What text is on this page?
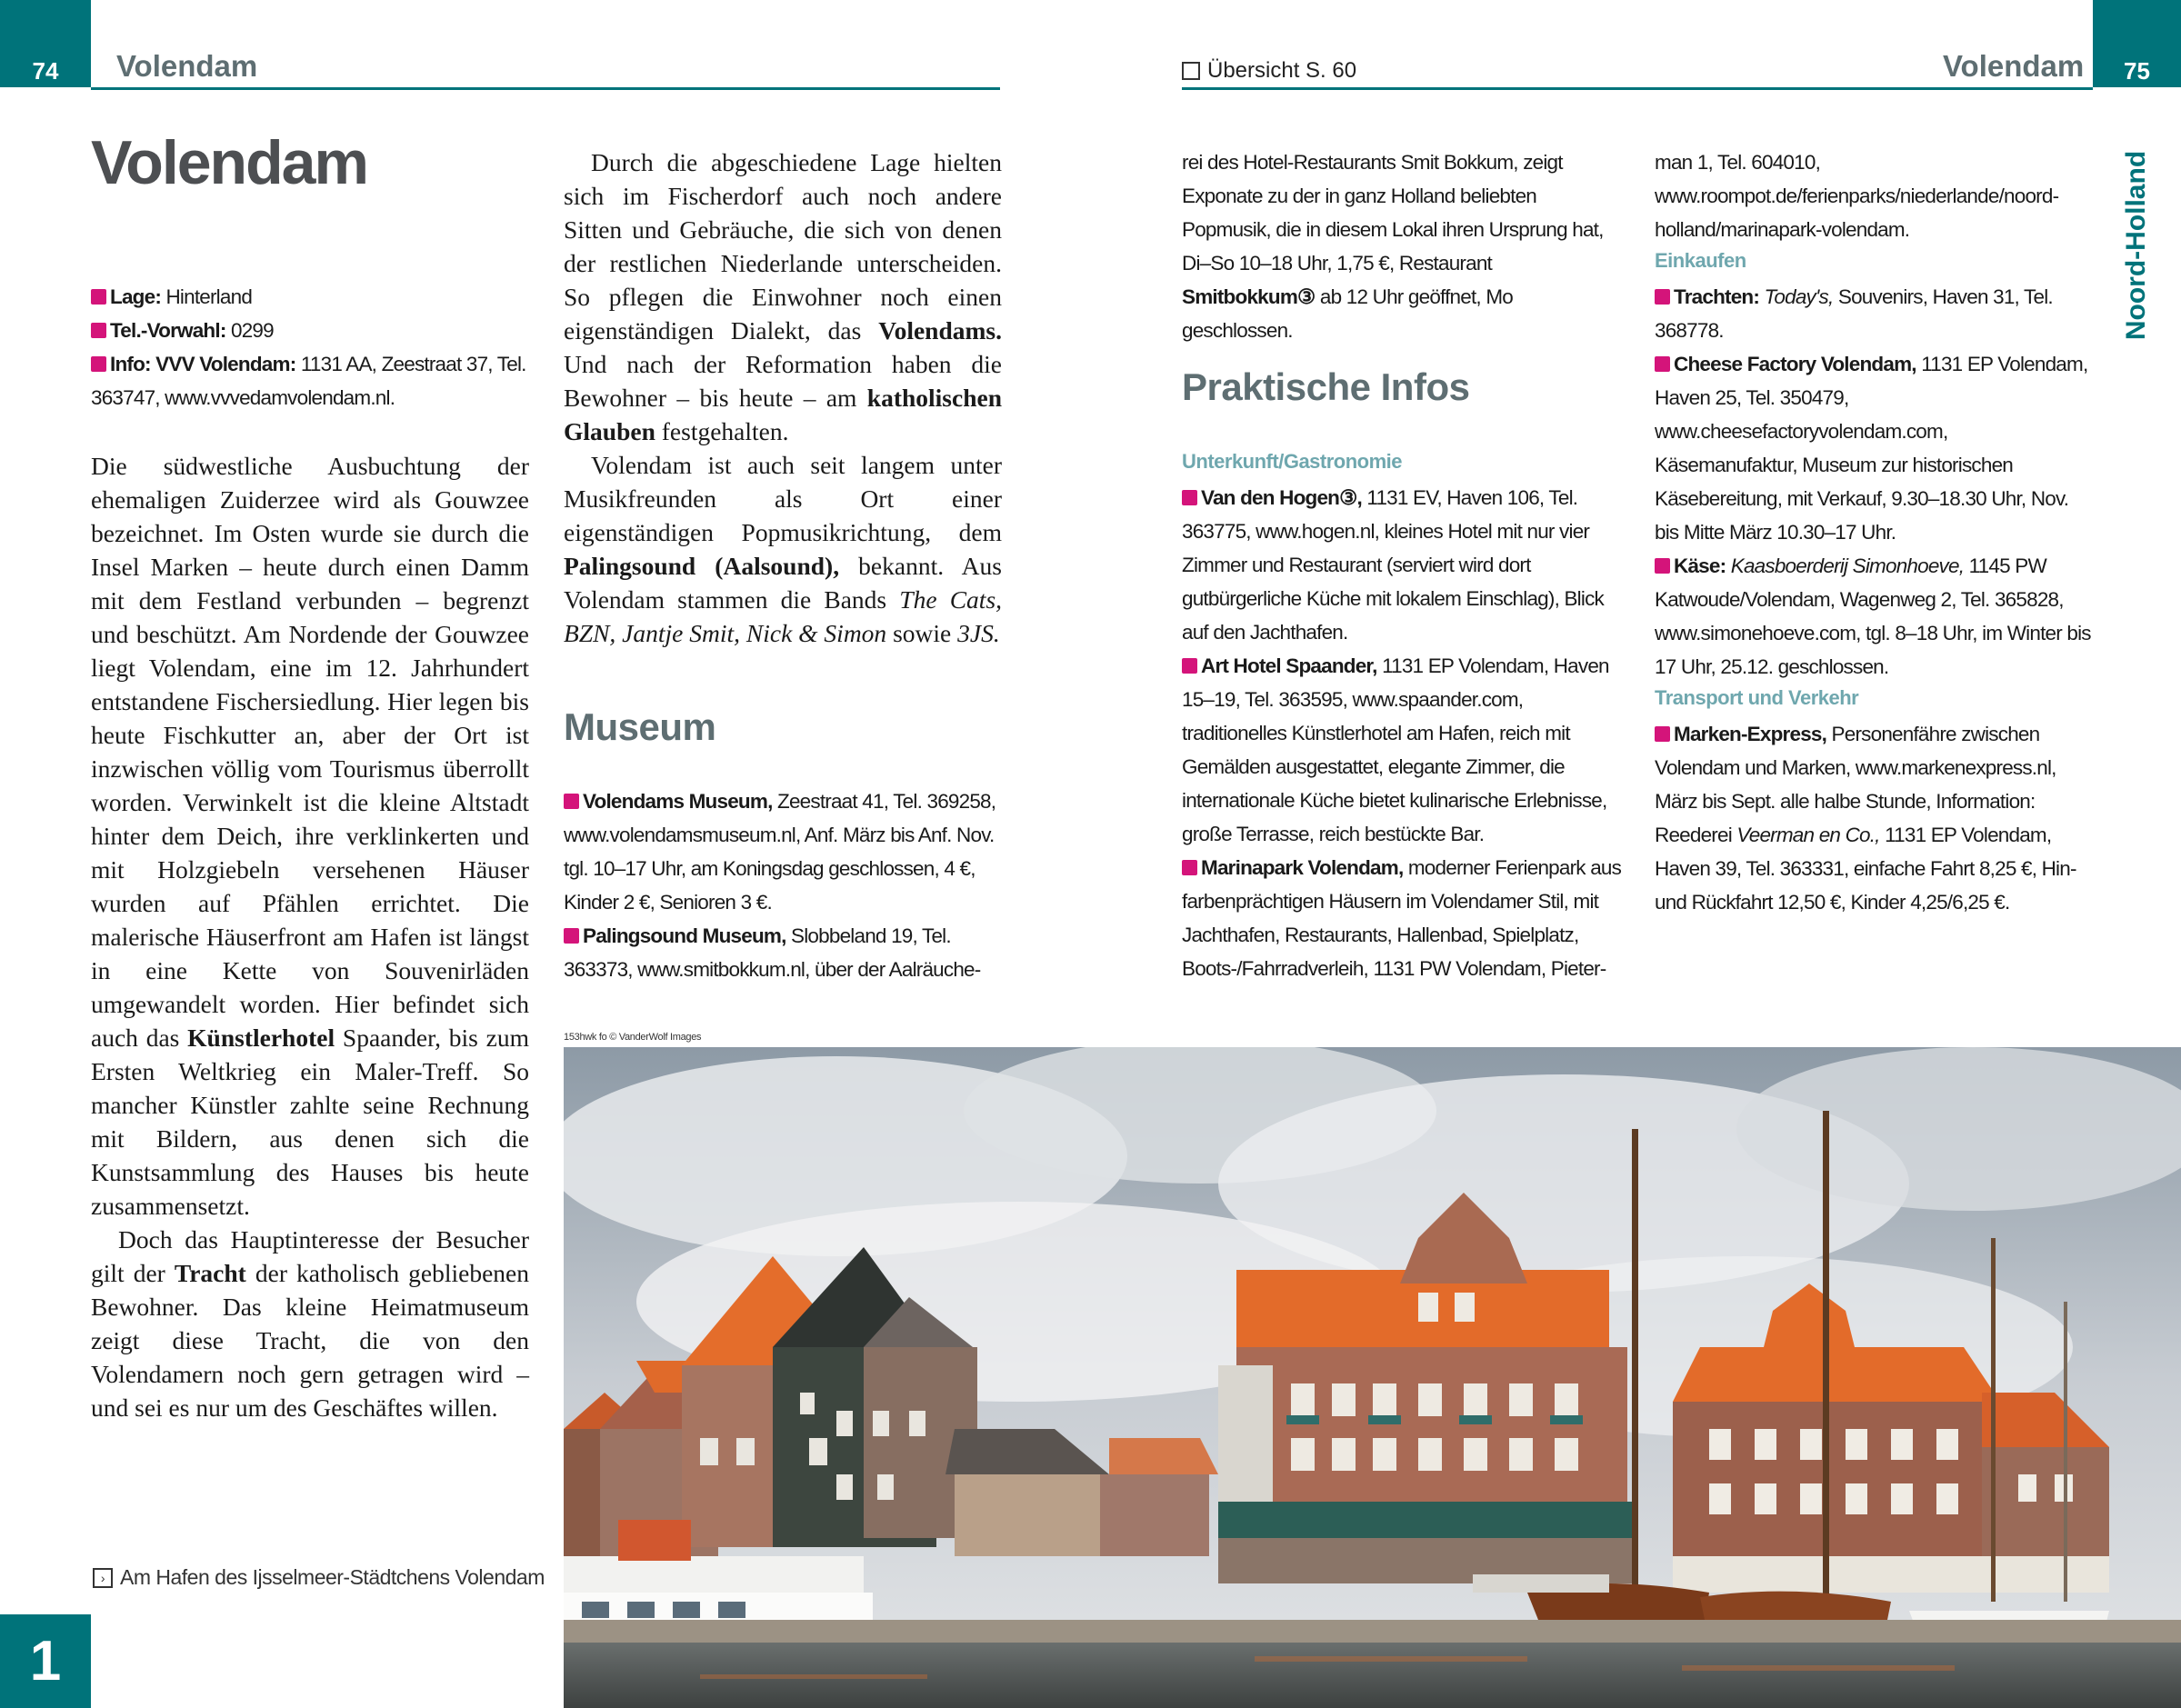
74 Volendam	Übersicht S. 60	Volendam 75
Noord-Holland
1
Volendam

Lage: Hinterland

Tel.-Vorwahl: 0299

Info: VVV Volendam: 1131 AA, Zeestraat 37, Tel. 363747, www.vvvedamvolendam.nl.

Die südwestliche Ausbuchtung der ehemaligen Zuiderzee wird als Gouwzee bezeichnet. Im Osten wurde sie durch die Insel Marken – heute durch einen Damm mit dem Festland verbunden – begrenzt und beschützt. Am Nordende der Gouwzee liegt Volendam, eine im 12. Jahrhundert entstandene Fischersiedlung. Hier legen bis heute Fischkutter an, aber der Ort ist inzwischen völlig vom Tourismus überrollt worden. Verwinkelt ist die kleine Altstadt hinter dem Deich, ihre verklinkerten und mit Holzgiebeln versehenen Häuser wurden auf Pfählen errichtet. Die malerische Häuserfront am Hafen ist längst in eine Kette von Souvenirläden umgewandelt worden. Hier befindet sich auch das Künstlerhotel Spaander, bis zum Ersten Weltkrieg ein Maler-Treff. So mancher Künstler zahlte seine Rechnung mit Bildern, aus denen sich die Kunstsammlung des Hauses bis heute zusammensetzt.

Doch das Hauptinteresse der Besucher gilt der Tracht der katholisch gebliebenen Bewohner. Das kleine Heimatmuseum zeigt diese Tracht, die von den Volendamern noch gern getragen wird – und sei es nur um des Geschäftes willen.

› Am Hafen des Ijsselmeer-Städtchens Volendam

Durch die abgeschiedene Lage hielten sich im Fischerdorf auch noch andere Sitten und Gebräuche, die sich von denen der restlichen Niederlande unterscheiden. So pflegen die Einwohner noch einen eigenständigen Dialekt, das Volendams. Und nach der Reformation haben die Bewohner – bis heute – am katholischen Glauben festgehalten.

Volendam ist auch seit langem unter Musikfreunden als Ort einer eigenständigen Popmusikrichtung, dem Palingsound (Aalsound), bekannt. Aus Volendam stammen die Bands The Cats, BZN, Jantje Smit, Nick & Simon sowie 3JS.

Museum

Volendams Museum, Zeestraat 41, Tel. 369258, www.volendamsmuseum.nl, Anf. März bis Anf. Nov. tgl. 10–17 Uhr, am Koningsdag geschlossen, 4 €, Kinder 2 €, Senioren 3 €.

Palingsound Museum, Slobbeland 19, Tel. 363373, www.smitbokkum.nl, über der Aalräuche-

rei des Hotel-Restaurants Smit Bokkum, zeigt Exponate zu der in ganz Holland beliebten Popmusik, die in diesem Lokal ihren Ursprung hat, Di–So 10–18 Uhr, 1,75 €, Restaurant Smitbokkum③ ab 12 Uhr geöffnet, Mo geschlossen.

Praktische Infos
Unterkunft/Gastronomie

Van den Hogen③, 1131 EV, Haven 106, Tel. 363775, www.hogen.nl, kleines Hotel mit nur vier Zimmer und Restaurant (serviert wird dort gutbürgerliche Küche mit lokalem Einschlag), Blick auf den Jachthafen.

Art Hotel Spaander, 1131 EP Volendam, Haven 15–19, Tel. 363595, www.spaander.com, traditionelles Künstlerhotel am Hafen, reich mit Gemälden ausgestattet, elegante Zimmer, die internationale Küche bietet kulinarische Erlebnisse, große Terrasse, reich bestückte Bar.

Marinapark Volendam, moderner Ferienpark aus farbenprächtigen Häusern im Volendamer Stil, mit Jachthafen, Restaurants, Hallenbad, Spielplatz, Boots-/Fahrradverleih, 1131 PW Volendam, Pieter-

man 1, Tel. 604010, www.roompot.de/ferienparks/niederlande/noord-holland/marinapark-volendam.

Einkaufen

Trachten: Today's, Souvenirs, Haven 31, Tel. 368778.

Cheese Factory Volendam, 1131 EP Volendam, Haven 25, Tel. 350479, www.cheesefactoryvolendam.com, Käsemanufaktur, Museum zur historischen Käsebereitung, mit Verkauf, 9.30–18.30 Uhr, Nov. bis Mitte März 10.30–17 Uhr.

Käse: Kaasboerderij Simonhoeve, 1145 PW Katwoude/Volendam, Wagenweg 2, Tel. 365828, www.simonehoeve.com, tgl. 8–18 Uhr, im Winter bis 17 Uhr, 25.12. geschlossen.

Transport und Verkehr

Marken-Express, Personenfähre zwischen Volendam und Marken, www.markenexpress.nl, März bis Sept. alle halbe Stunde, Information: Reederei Veerman en Co., 1131 EP Volendam, Haven 39, Tel. 363331, einfache Fahrt 8,25 €, Hin- und Rückfahrt 12,50 €, Kinder 4,25/6,25 €.

153hwk fo © VanderWolf Images
